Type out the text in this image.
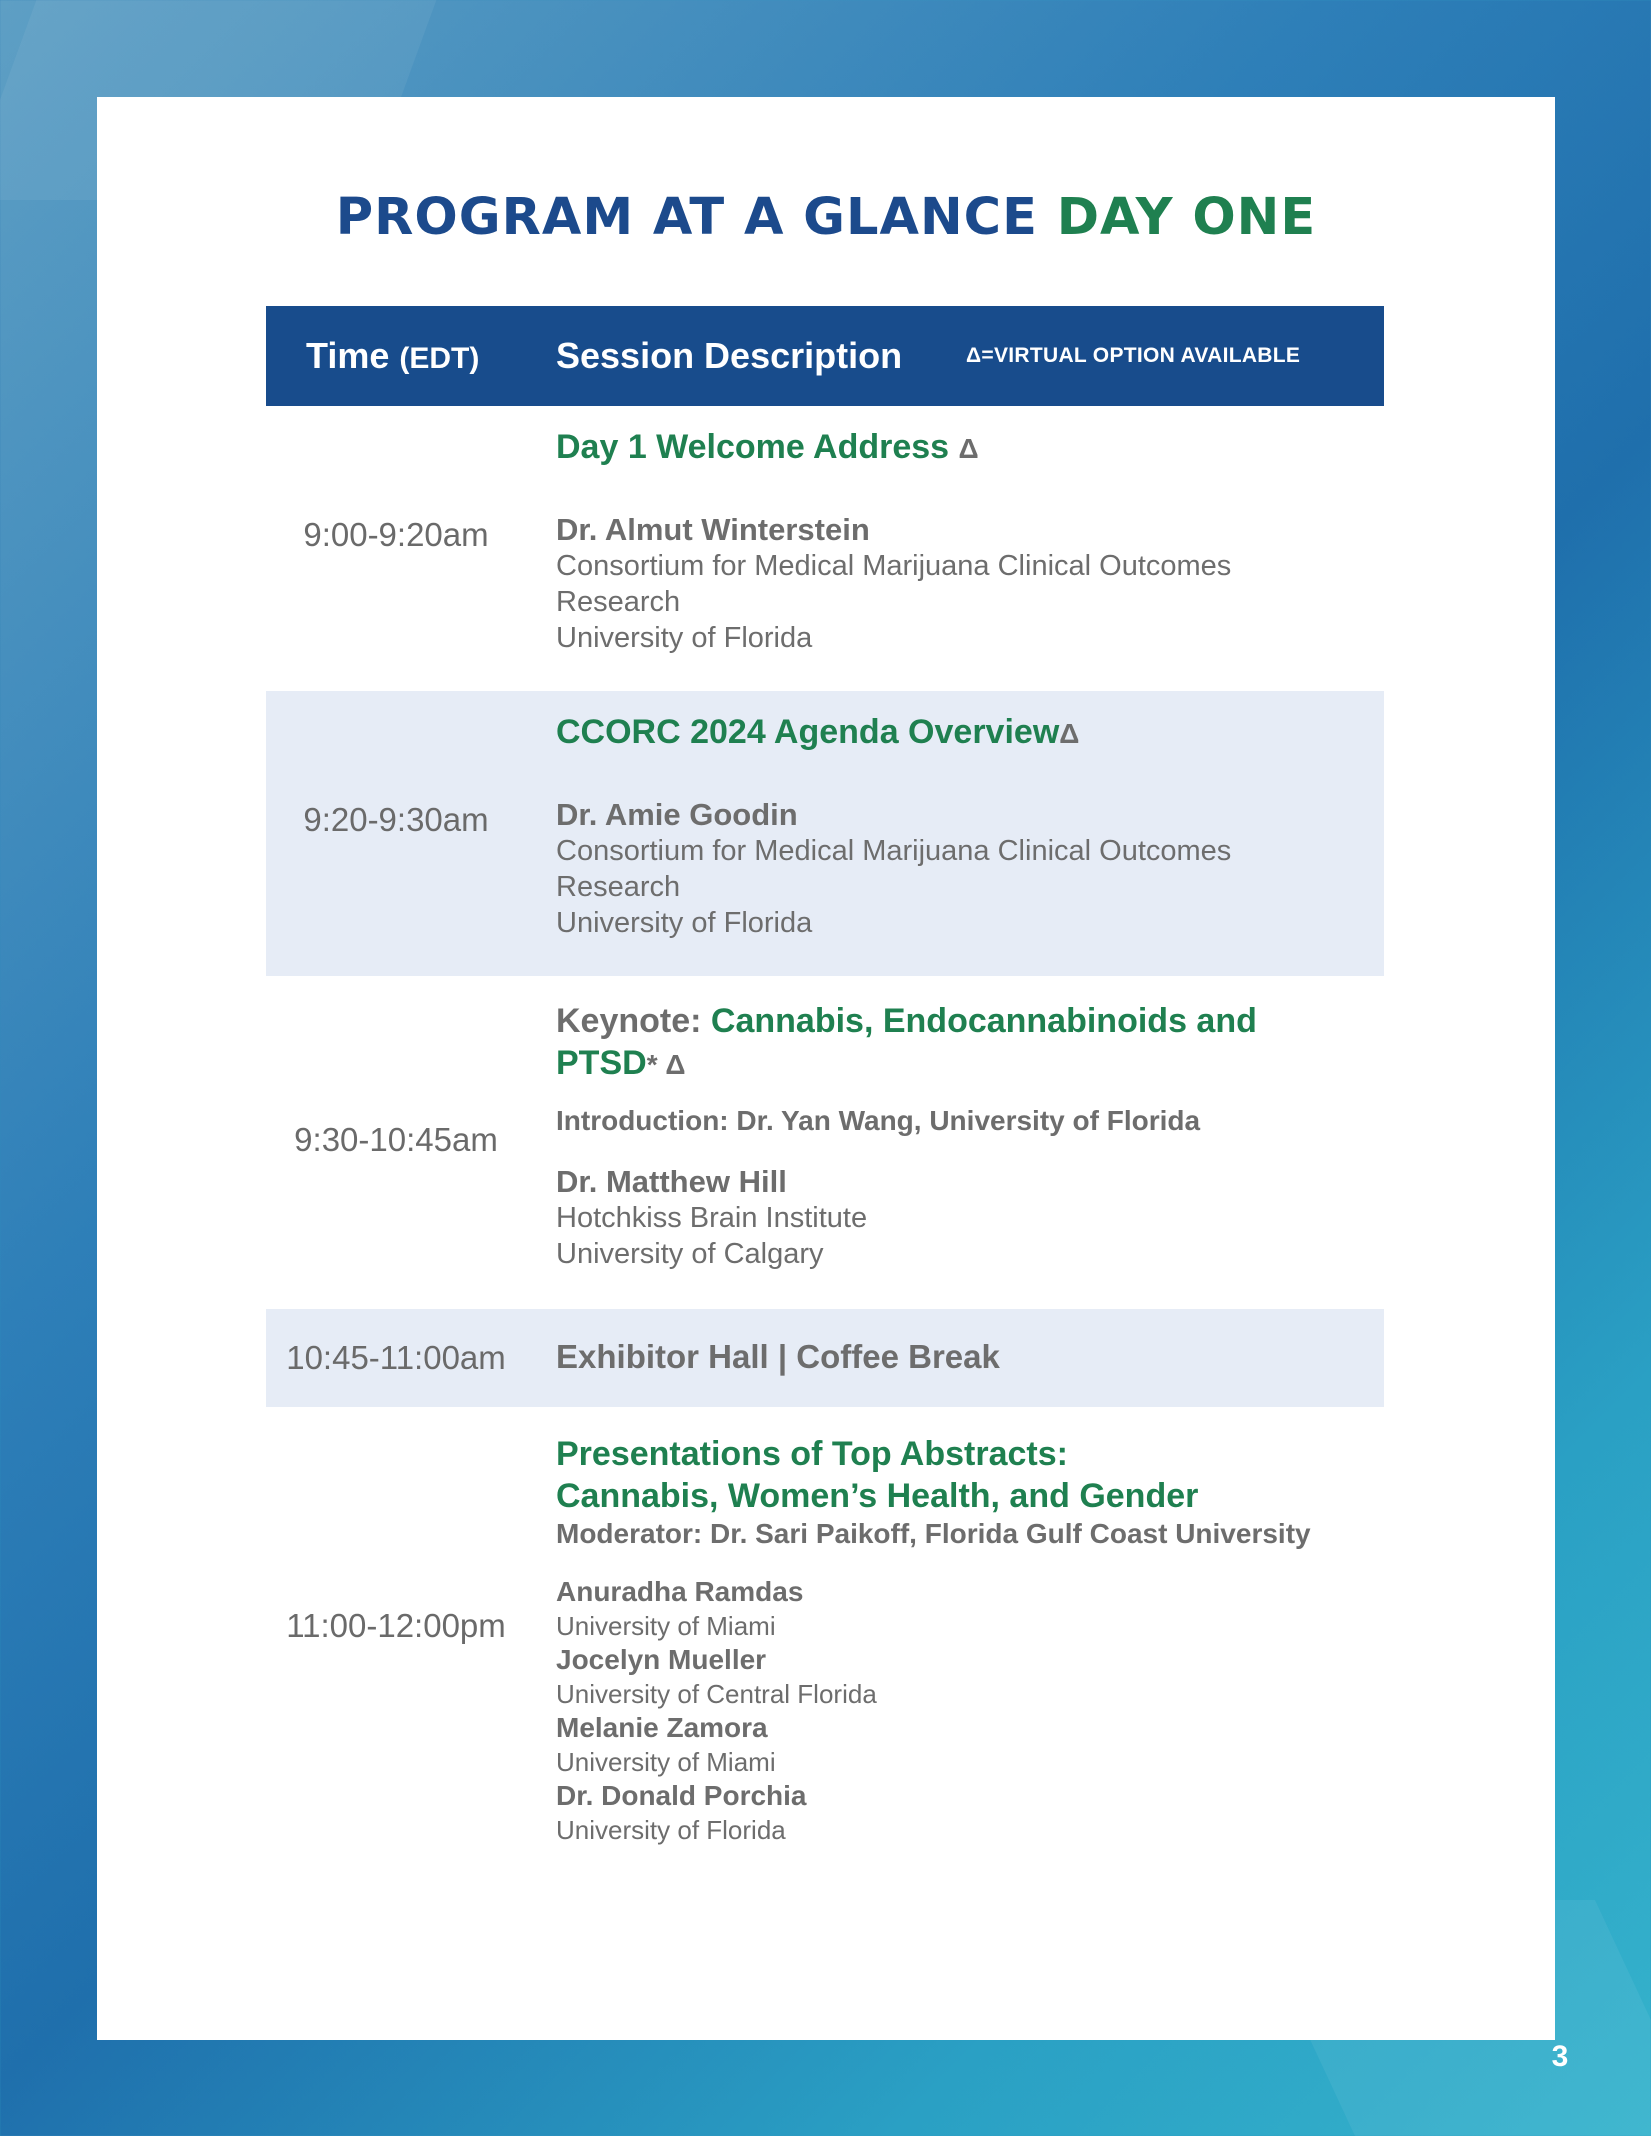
PROGRAM AT A GLANCE DAY ONE
Time (EDT) Session Description	Δ=VIRTUAL OPTION AVAILABLE
9:00-9:20am
Day 1 Welcome Address Δ
Dr. Almut Winterstein
Consortium for Medical Marijuana Clinical Outcomes
Research
University of Florida
9:20-9:30am
CCORC 2024 Agenda OverviewΔ
Dr. Amie Goodin
Consortium for Medical Marijuana Clinical Outcomes
Research
University of Florida
9:30-10:45am
Keynote: Cannabis, Endocannabinoids and
PTSD* Δ
Introduction: Dr. Yan Wang, University of Florida
Dr. Matthew Hill
Hotchkiss Brain Institute
University of Calgary
10:45-11:00am	Exhibitor Hall | Coffee Break
11:00-12:00pm
Presentations of Top Abstracts:
Cannabis, Women’s Health, and Gender
Moderator: Dr. Sari Paikoff, Florida Gulf Coast University
Anuradha Ramdas
University of Miami
Jocelyn Mueller
University of Central Florida
Melanie Zamora
University of Miami
Dr. Donald Porchia
University of Florida
3
